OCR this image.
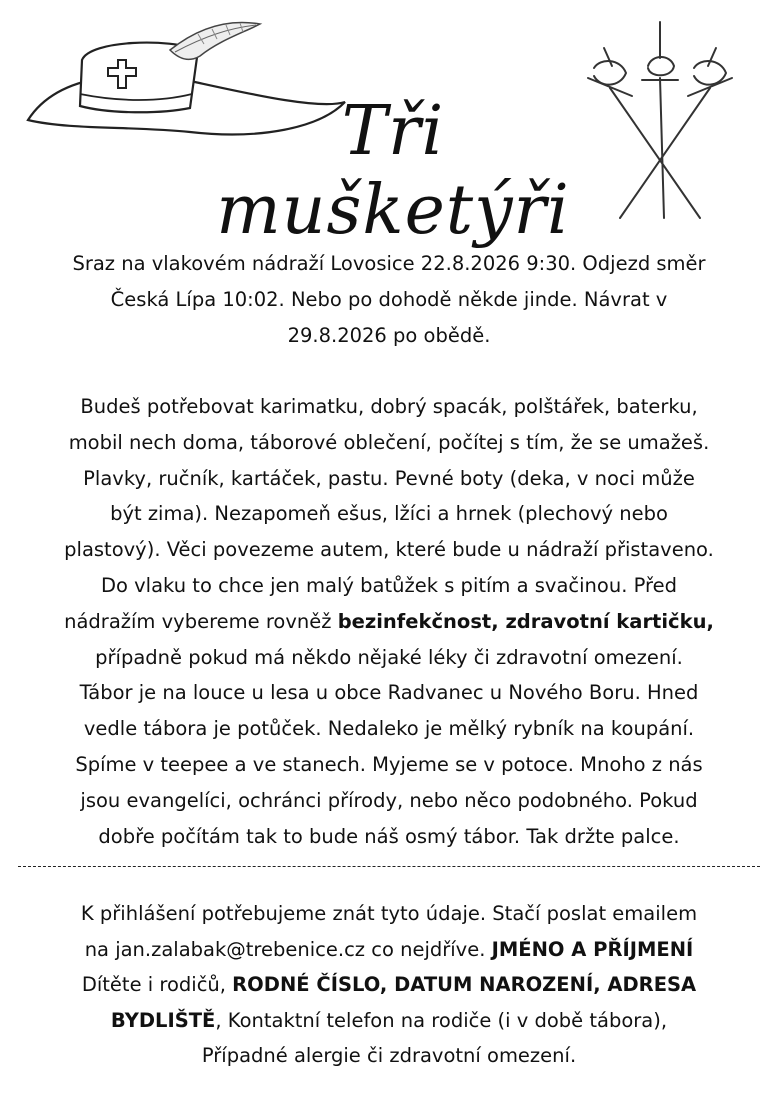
Tři mušketýři
Sraz na vlakovém nádraží Lovosice 22.8.2026 9:30. Odjezd směr
Česká Lípa 10:02. Nebo po dohodě někde jinde. Návrat v
29.8.2026 po obědě.
Budeš potřebovat karimatku, dobrý spacák, polštářek, baterku,
mobil nech doma, táborové oblečení, počítej s tím, že se umažeš.
Plavky, ručník, kartáček, pastu. Pevné boty (deka, v noci může
být zima). Nezapomeň ešus, lžíci a hrnek (plechový nebo
plastový). Věci povezeme autem, které bude u nádraží přistaveno.
Do vlaku to chce jen malý batůžek s pitím a svačinou. Před
nádražím vybereme rovněž bezinfekčnost, zdravotní kartičku,
případně pokud má někdo nějaké léky či zdravotní omezení.
Tábor je na louce u lesa u obce Radvanec u Nového Boru. Hned
vedle tábora je potůček. Nedaleko je mělký rybník na koupání.
Spíme v teepee a ve stanech. Myjeme se v potoce. Mnoho z nás
jsou evangelíci, ochránci přírody, nebo něco podobného. Pokud
dobře počítám tak to bude náš osmý tábor. Tak držte palce.
K přihlášení potřebujeme znát tyto údaje. Stačí poslat emailem
na jan.zalabak@trebenice.cz co nejdříve. JMÉNO A PŘÍJMENÍ
Dítěte i rodičů, RODNÉ ČÍSLO, DATUM NAROZENÍ, ADRESA
BYDLIŠTĚ, Kontaktní telefon na rodiče (i v době tábora),
Případné alergie či zdravotní omezení.
